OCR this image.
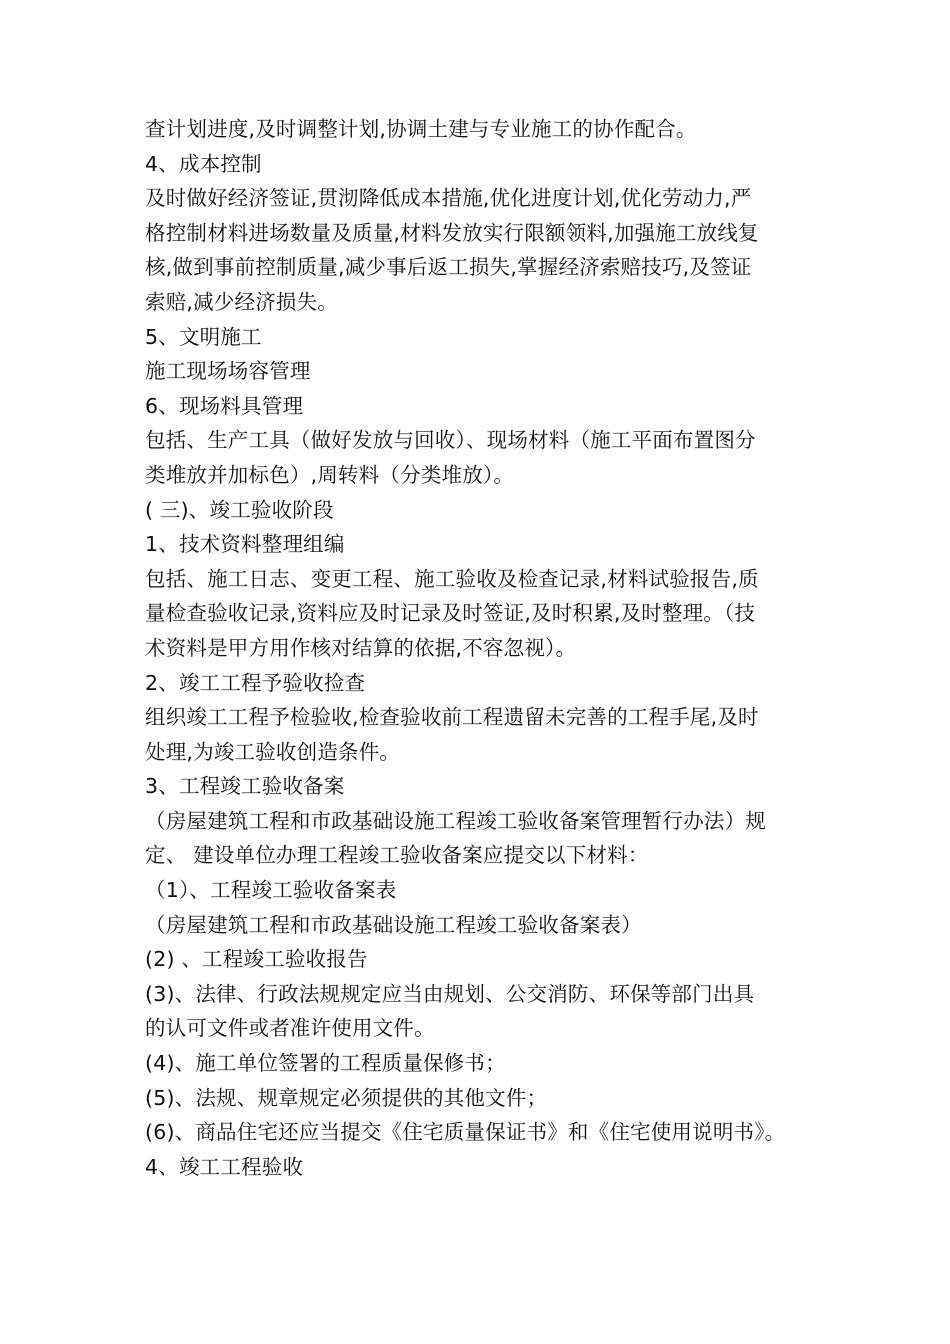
查计划进度,及时调整计划,协调土建与专业施工的协作配合。
4、成本控制
及时做好经济签证,贯沏降低成本措施,优化进度计划,优化劳动力,严
格控制材料进场数量及质量,材料发放实行限额领料,加强施工放线复
核,做到事前控制质量,减少事后返工损失,掌握经济索赔技巧,及签证
索赔,减少经济损失。
5、文明施工
施工现场场容管理
6、现场料具管理
包括、生产工具（做好发放与回收）、现场材料（施工平面布置图分
类堆放并加标色）,周转料（分类堆放）。
( 三)、竣工验收阶段
1、技术资料整理组编
包括、施工日志、变更工程、施工验收及检查记录,材料试验报告,质
量检查验收记录,资料应及时记录及时签证,及时积累,及时整理。（技
术资料是甲方用作核对结算的依据,不容忽视）。
2、竣工工程予验收捡查
组织竣工工程予检验收,检查验收前工程遗留未完善的工程手尾,及时
处理,为竣工验收创造条件。
3、工程竣工验收备案
（房屋建筑工程和市政基础设施工程竣工验收备案管理暂行办法）规
定、 建设单位办理工程竣工验收备案应提交以下材料：
（1）、工程竣工验收备案表
（房屋建筑工程和市政基础设施工程竣工验收备案表）
(2) 、工程竣工验收报告
(3)、法律、行政法规规定应当由规划、公交消防、环保等部门出具
的认可文件或者准许使用文件。
(4)、施工单位签署的工程质量保修书；
(5)、法规、规章规定必须提供的其他文件；
(6)、商品住宅还应当提交《住宅质量保证书》和《住宅使用说明书》。
4、竣工工程验收
